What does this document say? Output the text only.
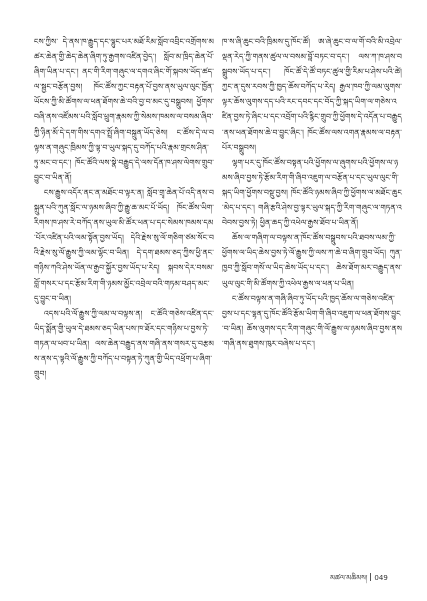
ངས་ཀྱིས་ དེ་ནས་ཁ་རྒྱུད་དང་ལྷུང་པར་མཐོ་རིམ་སློབ་འབྲིང་འགྲོགས་མཚར་ཆེན་གྱི་ཆེད་ཆེན་ཞིག་ཏུ་རྒྱགས་འཛིན་བྱེད་། སློབ་མ་ཁྲིད་ཆེན་པོ་ཞིག་ཡིན་པ་དང་། ནང་གི་རིག་གཞུང་ལ་དགའ་ཞིང་གོ་སྐབས་ཡོད་ཚད་ལ་སྦྱང་བརྩོན་བྱས། ཁོང་ཚོས་ཀྱང་བརྟན་པོ་བྱས་ནས་ཡུལ་ལུང་ཁྱོན་ཡོངས་ཀྱི་མི་ཚོགས་ལ་ཕན་ཐོགས་ཆེ་བའི་བྱ་བ་མང་དུ་བསྒྲུབས། ཕྱོགས་བཞི་ནས་འཛོམས་པའི་སློབ་ཕྲུག་རྣམས་ཀྱི་སེམས་ཁམས་ལ་བསམ་ཞིབ་ཀྱི་ཉིན་མོ་དེ་དག་གིས་དགའ་སྤྲོ་ཞིག་བསྐྲུན་ཡོད་ཅེས། ང་ཚོས་དེ་ལ་བལྟས་ན་གཞུང་ཁྲིམས་ཀྱི་ལྟ་བ་ཡུལ་སྐད་དུ་བཀོད་པའི་རྣམ་གྲངས་ཤིན་ཏུ་མང་བ་དང་། ཁོང་ཚོའི་ལས་སྣེ་བརྒྱུད་དེ་ལས་དོན་ཁ་ཤས་ལེགས་གྲུབ་བྱུང་བ་ཡིན་ནོ།

ངས་རྒྱུས་འདོར་ནང་ན་མཐོང་བ་ལྟར་ན། སློབ་གྲྭ་ཆེན་པོ་འདི་ནས་བསྐྲུན་པའི་ཀུན་སློང་ལ་ཉམས་ཞིབ་ཀྱི་རྒྱུ་ཆ་མང་པོ་ཡོད། ཁོང་ཚོས་ཡིག་རིགས་ཁ་ཤས་རེ་བཀོད་ནས་ཡུལ་མི་ཚོར་ཕན་པ་དང་སེམས་ཁམས་དམ་པོར་འཛིན་པའི་ལམ་སྟོན་བྱས་ཡོད། དེའི་རྗེས་སུ་ལོ་གཅིག་ཙམ་སོང་བའི་རྗེས་སུ་ལོ་རྒྱུས་ཀྱི་ལམ་ལྷོང་བ་ཡིན། དེ་དག་ཐམས་ཅད་ཀྱིས་ཕྱི་ནང་གཉིས་ཀའི་ཤེས་ཡོན་ལ་རྒྱབ་སྐྱོར་བྱས་ཡོད་པ་རེད། སྐབས་དེར་བསམ་བློ་གསར་པ་དང་རྩོམ་རིག་གི་ཉམས་མྱོང་འབྲེལ་བའི་གཏམ་བཤད་མང་དུ་བྱུང་བ་ཡིན།

འདས་པའི་ལོ་རྒྱུས་ཀྱི་ལམ་ལ་བལྟས་ན། ང་ཚོའི་གཅེས་འཛིན་དང་ཡིད་སྨོན་གྱི་ཡུལ་དེ་ཐམས་ཅད་ཡིན་པས་ཁ་ཐོར་དང་གཉིས་པ་བྱས་ཏེ་གཏན་ལ་ཕབ་པ་ཡིན། ལས་ཆེན་བརྒྱུད་ནས་གཞི་ནས་གསར་དུ་བརྩམས་ནས་ད་ལྟའི་ལོ་རྒྱུས་ཀྱི་བཀོད་པ་བསྟན་ཏེ་ཀུན་གྱི་ཡིད་འཕྲོག་པ་ཞིག་གྲུབ།

ཁ་ས་ཞི་ཆུང་བའི་ཁྲིམས་དུ་ཁོང་ཚོ། ཨ་ཞེ་ཆུང་བ་ལ་གོ་བའི་མི་འབྲེལ་ལྡན་རེད་ཀྱི་གནས་ཚུལ་ལ་བསམ་བློ་བཏང་བ་དང་། ལས་ཀ་ཁ་ཤས་བསྒྲུབས་ཡོད་པ་དང་། ཁོང་ཚོ་དེ་ཚོ་བཏང་ཚུལ་གྱི་རིམ་པ་ཤེས་པའི་ཚེ། ཀྱང་ན་དུས་རབས་ཀྱི་ཁྱད་ཆོས་བཀོད་པ་རེད། རྒྱལ་ཁབ་ཀྱི་ལམ་ལུགས་ལྟར་ཆོས་ལུགས་དད་པའི་རང་དབང་དང་བོད་ཀྱི་སྐད་ཡིག་ལ་གཅེས་འཛིན་བྱས་ཏེ་ཞིང་པ་དང་འབྲོག་པའི་རྙིང་གྲུབ་ཀྱི་ཕྱོགས་དེ་འདོན་པ་བརྒྱུད་ནས་ཕན་ཐོགས་ཆེ་བ་བྱུང་ཞིང་། ཁོང་ཚོས་ལས་འགན་རྣམས་ལ་བརྟན་པོར་བསྒྲུབས།

ལྷག་པར་དུ་ཁོང་ཚོས་བསྟན་པའི་ཕྱོགས་ལ་ཞུགས་པའི་ཕྱོགས་ལ་ཉམས་ཞིབ་བྱས་ཏེ་རྩོམ་རིག་གི་ཞིབ་འཇུག་ལ་བརྩོན་པ་དང་ཡུལ་ལུང་གི་སྐད་ཡིག་ཕྱོགས་བསྡུ་བྱས། ཁོང་ཚོའི་ཉམས་ཞིབ་ཀྱི་ཕྱོགས་ལ་མཐོང་ཆུང་མེད་པ་དང་། གཞི་རྩའི་ཤེས་བྱ་ལྟར་ཡུལ་སྐད་ཀྱི་རིག་གཞུང་ལ་གཏན་འབེབས་བྱས་ཏེ། ཕྱིན་ཆད་ཀྱི་འཕེལ་རྒྱས་ཐོབ་པ་ཡིན་ནོ།

ཆོས་ལ་གཞིག་ལ་བལྟས་ན་ཁོང་ཚོས་བསྒྲུབས་པའི་ཐབས་ལམ་ཀྱི་ཕྱོགས་ལ་ཡིད་ཆེས་བྱས་ཏེ་ལོ་རྒྱུས་ཀྱི་ལས་ཀ་ཆེ་བ་ཞིག་གྲུབ་ཡོད། ཀུན་ཁྱབ་ཀྱི་སློབ་གསོ་ལ་ཡིད་ཆེས་ཡོད་པ་དང་། ཆེས་ཐོག་མར་བརྒྱུད་ནས་ཡུལ་ལུང་གི་མི་ཚོགས་ཀྱི་འཕེལ་རྒྱས་ལ་ཕན་པ་ཡིན།

ང་ཚོས་བལྟས་ན་གཞི་ཞིབ་ཏུ་ཡོད་པའི་ཁྱད་ཆོས་ལ་གཅེས་འཛིན་བྱས་པ་དང་ལྷན་དུ་ཁོང་ཚོའི་རྩོམ་ཡིག་གི་ཞིབ་འཇུག་ལ་ཕན་ཐོགས་བྱུང་བ་ཡིན། ཆོས་ལུགས་དང་རིག་གཞུང་གི་ལོ་རྒྱུས་ལ་ཉམས་ཞིབ་བྱས་ནས་གཞི་ནས་ཐུགས་ཁུར་བཞེས་པ་དང་།

མཚལ་མཆིམས། 049
